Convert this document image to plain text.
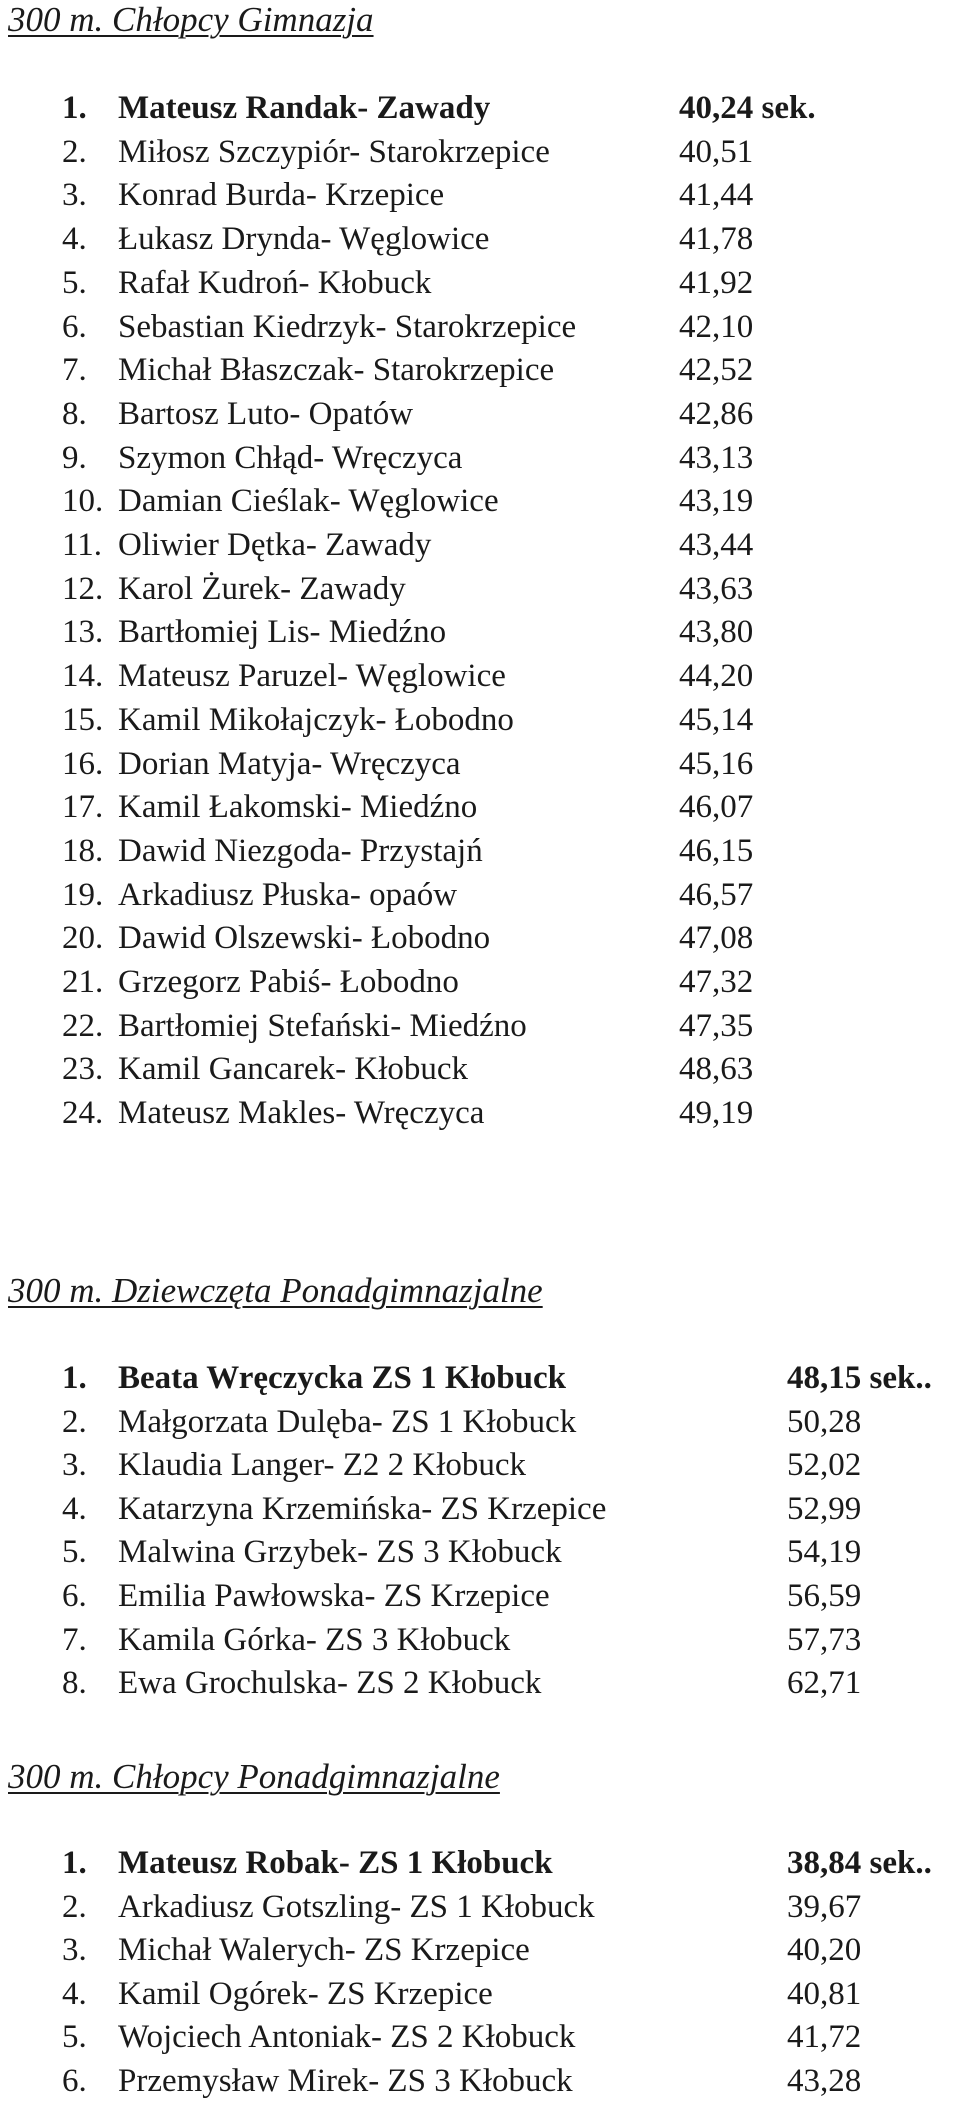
300 m. Chłopcy Gimnazja
1. Mateusz Randak- Zawady	40,24 sek.
2. Miłosz Szczypiór- Starokrzepice	40,51
3. Konrad Burda- Krzepice	41,44
4. Łukasz Drynda- Węglowice	41,78
5. Rafał Kudroń- Kłobuck	41,92
6. Sebastian Kiedrzyk- Starokrzepice	42,10
7. Michał Błaszczak- Starokrzepice	42,52
8. Bartosz Luto- Opatów	42,86
9. Szymon Chłąd- Wręczyca	43,13
10. Damian Cieślak- Węglowice	43,19
11. Oliwier Dętka- Zawady	43,44
12. Karol Żurek- Zawady	43,63
13. Bartłomiej Lis- Miedźno	43,80
14. Mateusz Paruzel- Węglowice	44,20
15. Kamil Mikołajczyk- Łobodno	45,14
16. Dorian Matyja- Wręczyca	45,16
17. Kamil Łakomski- Miedźno	46,07
18. Dawid Niezgoda- Przystajń	46,15
19. Arkadiusz Płuska- opaów	46,57
20. Dawid Olszewski- Łobodno	47,08
21. Grzegorz Pabiś- Łobodno	47,32
22. Bartłomiej Stefański- Miedźno	47,35
23. Kamil Gancarek- Kłobuck	48,63
24. Mateusz Makles- Wręczyca	49,19
300 m. Dziewczęta Ponadgimnazjalne
1. Beata Wręczycka ZS 1 Kłobuck	48,15 sek..
2. Małgorzata Dulęba- ZS 1 Kłobuck	50,28
3. Klaudia Langer- Z2 2 Kłobuck	52,02
4. Katarzyna Krzemińska- ZS Krzepice	52,99
5. Malwina Grzybek- ZS 3 Kłobuck	54,19
6. Emilia Pawłowska- ZS Krzepice	56,59
7. Kamila Górka- ZS 3 Kłobuck	57,73
8. Ewa Grochulska- ZS 2 Kłobuck	62,71
300 m. Chłopcy Ponadgimnazjalne
1. Mateusz Robak- ZS 1 Kłobuck	38,84 sek..
2. Arkadiusz Gotszling- ZS 1 Kłobuck	39,67
3. Michał Walerych- ZS Krzepice	40,20
4. Kamil Ogórek- ZS Krzepice	40,81
5. Wojciech Antoniak- ZS 2 Kłobuck	41,72
6. Przemysław Mirek- ZS 3 Kłobuck	43,28
